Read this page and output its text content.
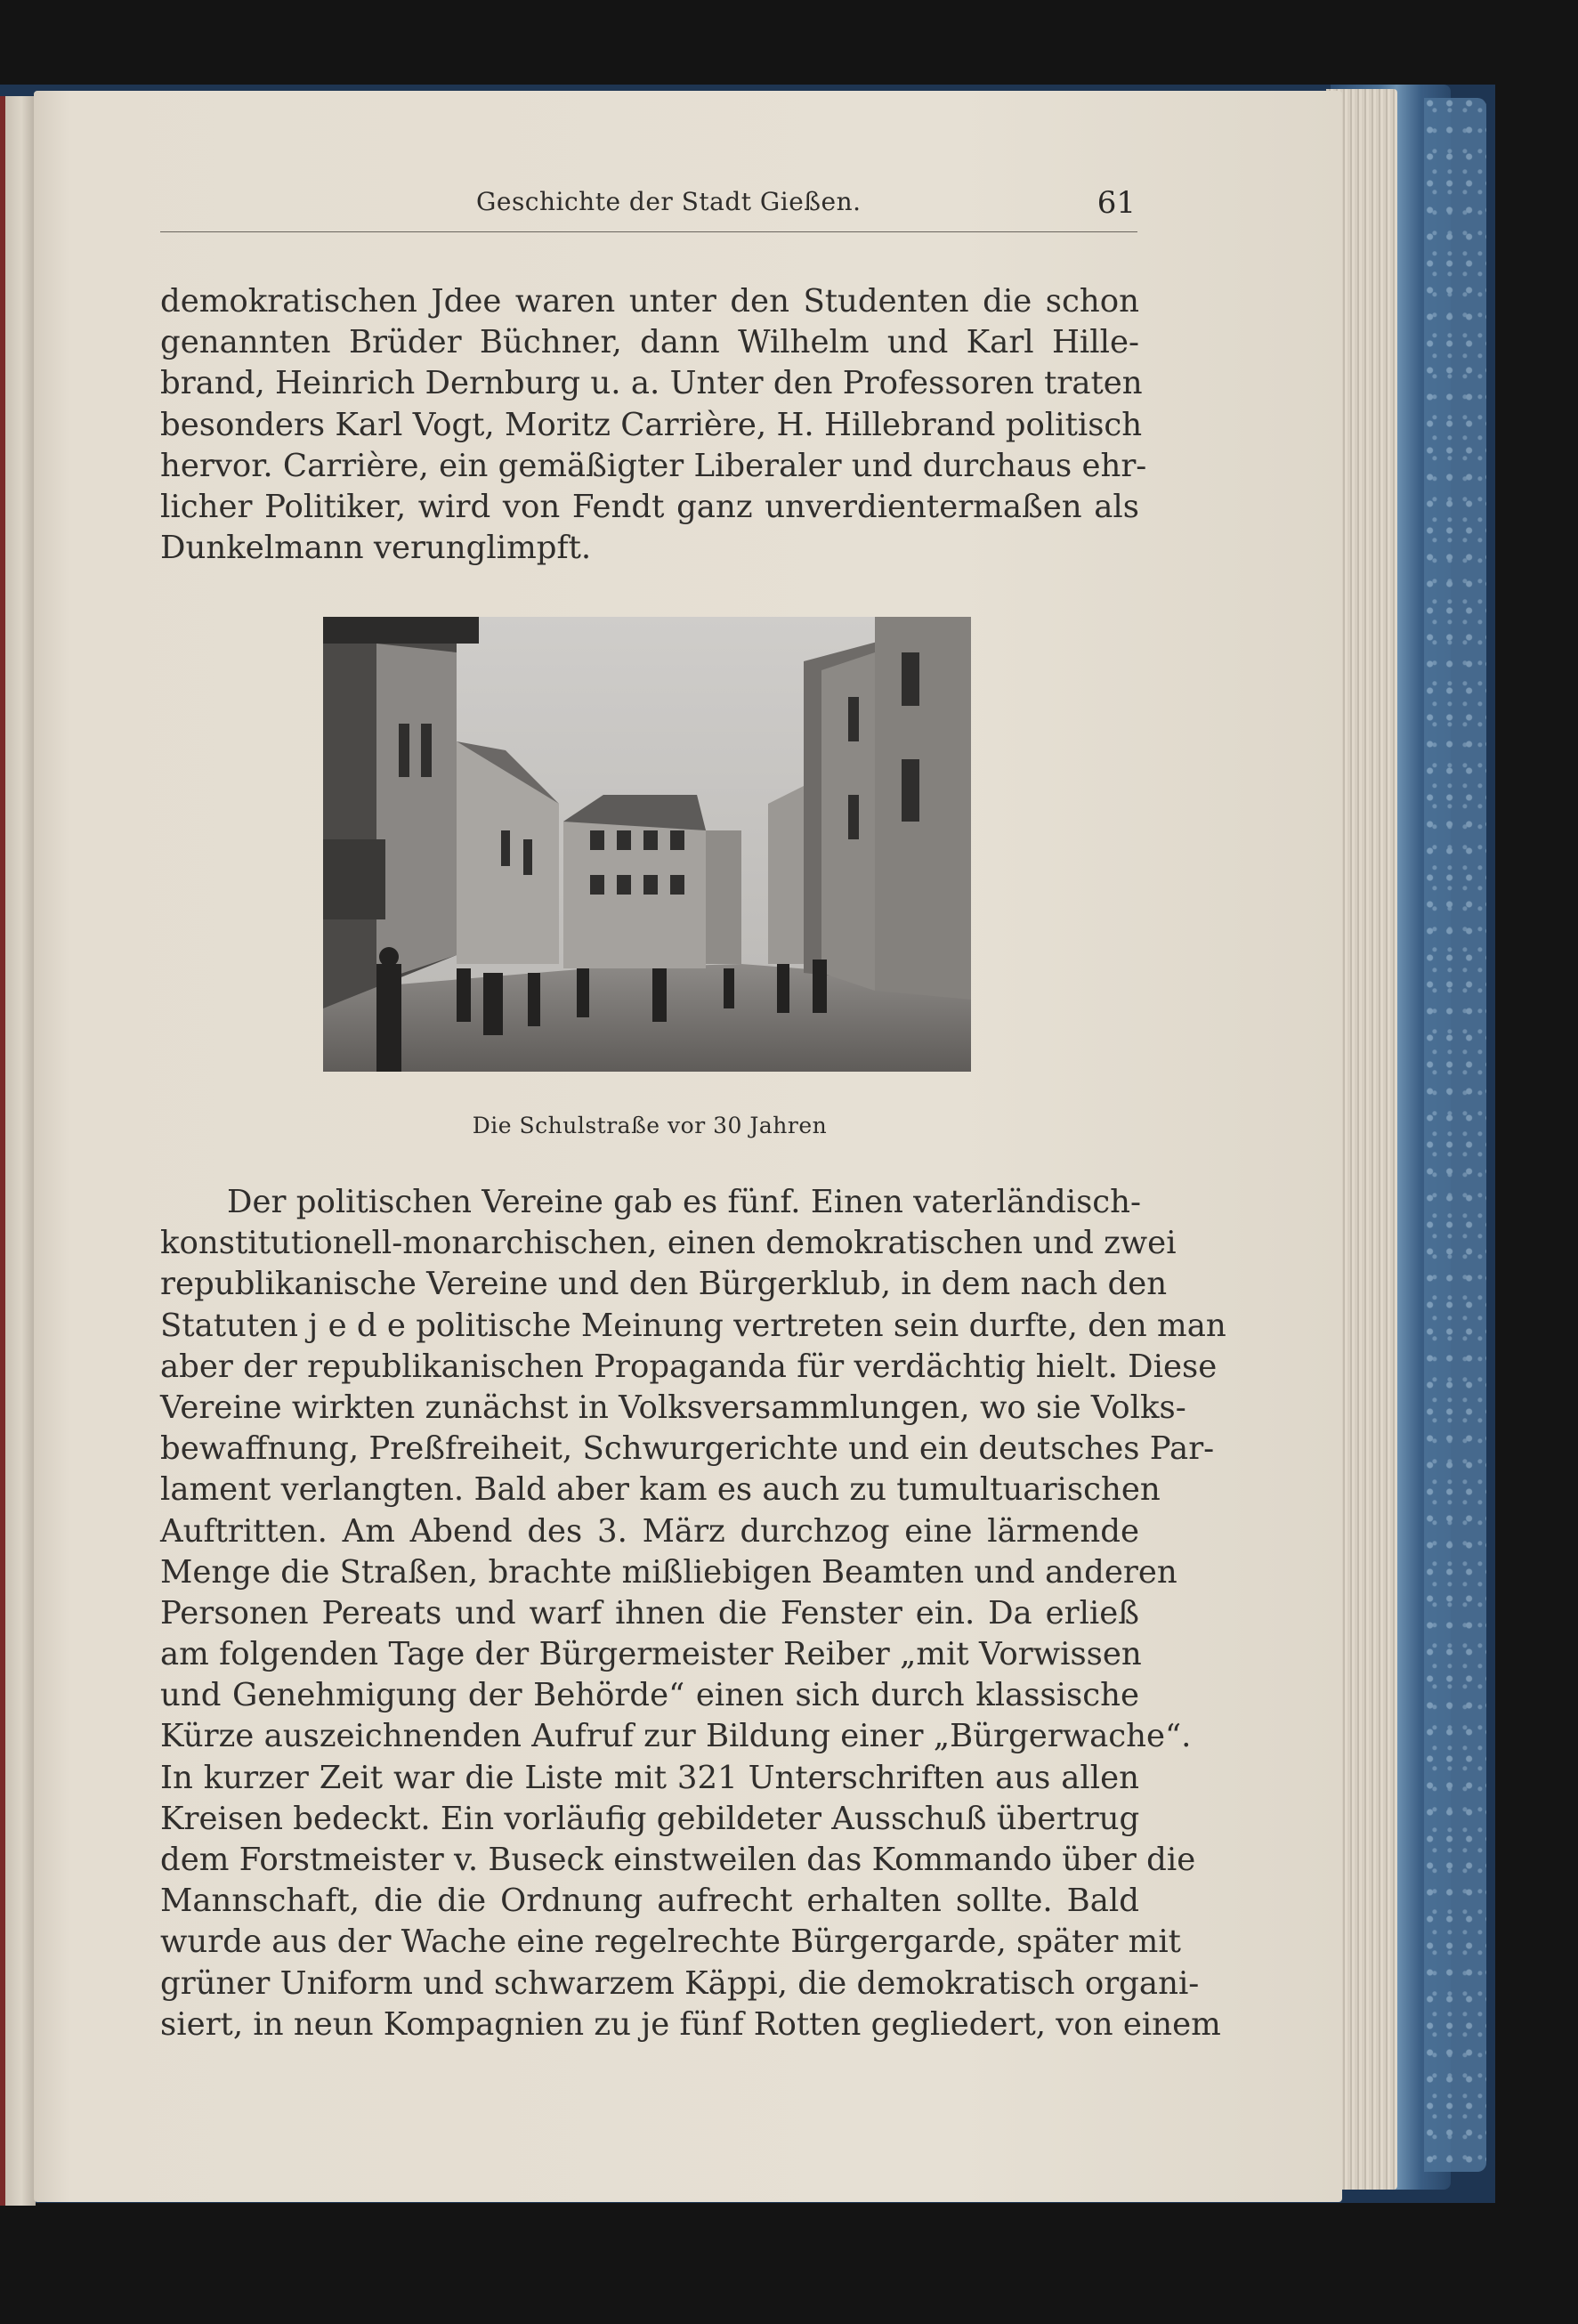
Geschichte der Stadt Gießen.	61
demokratischen Jdee waren unter den Studenten die schon
genannten Brüder Büchner, dann Wilhelm und Karl Hille-
brand, Heinrich Dernburg u. a. Unter den Professoren traten
besonders Karl Vogt, Moritz Carrière, H. Hillebrand politisch
hervor. Carrière, ein gemäßigter Liberaler und durchaus ehr-
licher Politiker, wird von Fendt ganz unverdientermaßen als
Dunkelmann verunglimpft.
Die Schulstraße vor 30 Jahren
Der politischen Vereine gab es fünf. Einen vaterländisch-
konstitutionell-monarchischen, einen demokratischen und zwei
republikanische Vereine und den Bürgerklub, in dem nach den
Statuten j e d e politische Meinung vertreten sein durfte, den man
aber der republikanischen Propaganda für verdächtig hielt. Diese
Vereine wirkten zunächst in Volksversammlungen, wo sie Volks-
bewaffnung, Preßfreiheit, Schwurgerichte und ein deutsches Par-
lament verlangten. Bald aber kam es auch zu tumultuarischen
Auftritten. Am Abend des 3. März durchzog eine lärmende
Menge die Straßen, brachte mißliebigen Beamten und anderen
Personen Pereats und warf ihnen die Fenster ein. Da erließ
am folgenden Tage der Bürgermeister Reiber „mit Vorwissen
und Genehmigung der Behörde“ einen sich durch klassische
Kürze auszeichnenden Aufruf zur Bildung einer „Bürgerwache“.
In kurzer Zeit war die Liste mit 321 Unterschriften aus allen
Kreisen bedeckt. Ein vorläufig gebildeter Ausschuß übertrug
dem Forstmeister v. Buseck einstweilen das Kommando über die
Mannschaft, die die Ordnung aufrecht erhalten sollte. Bald
wurde aus der Wache eine regelrechte Bürgergarde, später mit
grüner Uniform und schwarzem Käppi, die demokratisch organi-
siert, in neun Kompagnien zu je fünf Rotten gegliedert, von einem
